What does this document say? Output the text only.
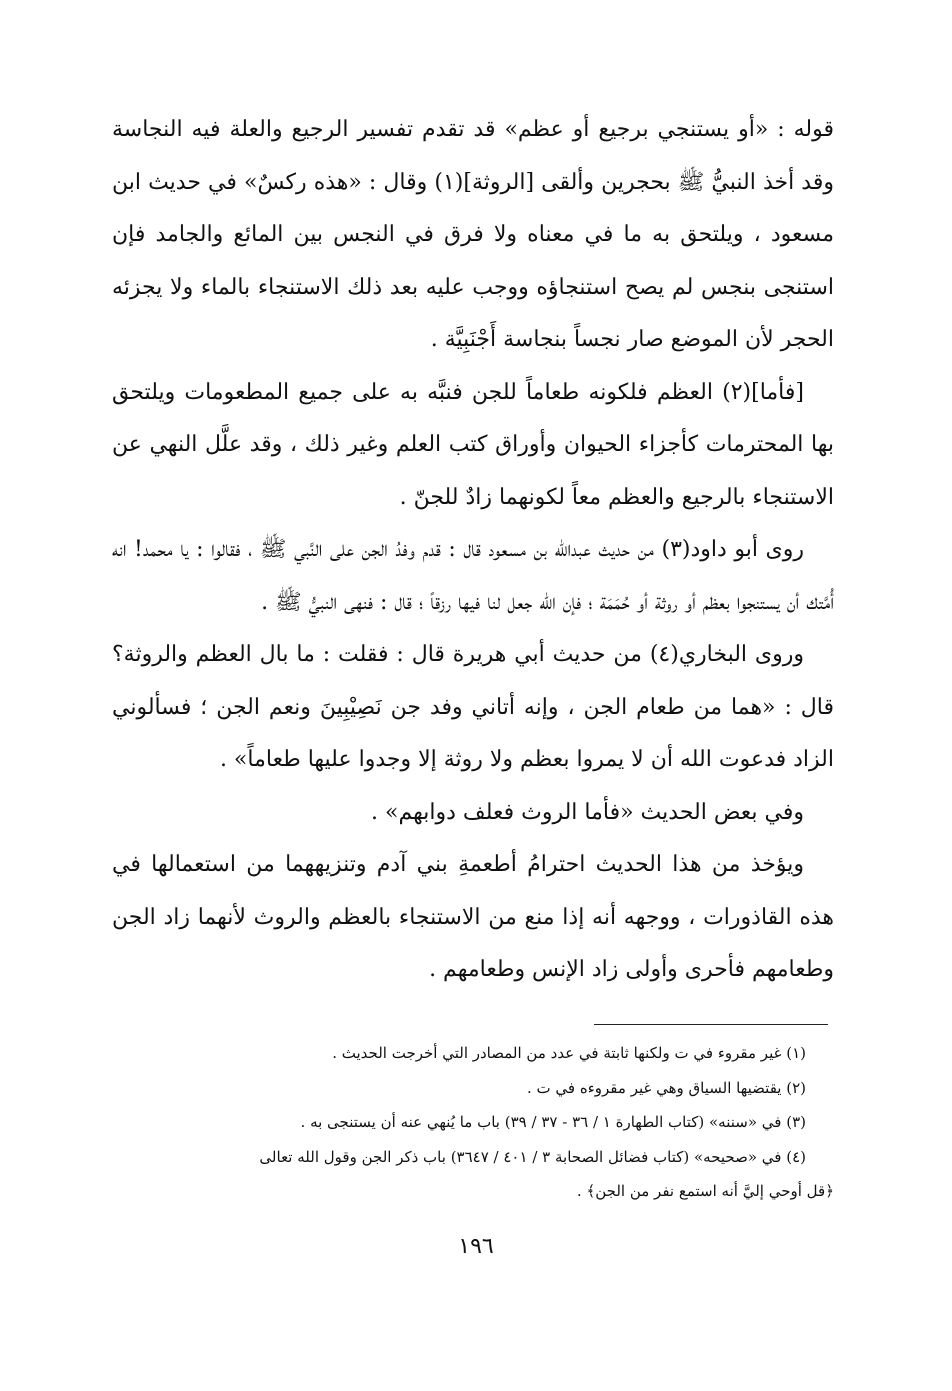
قوله : «أو يستنجي برجيع أو عظم» قد تقدم تفسير الرجيع والعلة فيه النجاسة وقد أخذ النبيُّ ﷺ بحجرين وألقى [الروثة](١) وقال : «هذه ركسٌ» في حديث ابن مسعود ، ويلتحق به ما في معناه ولا فرق في النجس بين المائع والجامد فإن استنجى بنجس لم يصح استنجاؤه ووجب عليه بعد ذلك الاستنجاء بالماء ولا يجزئه الحجر لأن الموضع صار نجساً بنجاسة أَجْنَبِيَّة .

[فأما](٢) العظم فلكونه طعاماً للجن فنبَّه به على جميع المطعومات ويلتحق بها المحترمات كأجزاء الحيوان وأوراق كتب العلم وغير ذلك ، وقد علَّل النهي عن الاستنجاء بالرجيع والعظم معاً لكونهما زادٌ للجنّ .

روى أبو داود(٣) من حديث عبدالله بن مسعود قال : قدم وفدُ الجن على النَّبي ﷺ ، فقالوا : يا محمد! انه أُمَّتك أن يستنجوا بعظم أو روثة أو حُمَمَة ؛ فإن الله جعل لنا فيها رزقاً ؛ قال : فنهى النبيُّ ﷺ .

وروى البخاري(٤) من حديث أبي هريرة قال : فقلت : ما بال العظم والروثة؟ قال : «هما من طعام الجن ، وإنه أتاني وفد جن نَصِيْبِينَ ونعم الجن ؛ فسألوني الزاد فدعوت الله أن لا يمروا بعظم ولا روثة إلا وجدوا عليها طعاماً» .

وفي بعض الحديث «فأما الروث فعلف دوابهم» .

ويؤخذ من هذا الحديث احترامُ أطعمةِ بني آدم وتنزيههما من استعمالها في هذه القاذورات ، ووجهه أنه إذا منع من الاستنجاء بالعظم والروث لأنهما زاد الجن وطعامهم فأحرى وأولى زاد الإنس وطعامهم .

(١) غير مقروء في ت ولكنها ثابتة في عدد من المصادر التي أخرجت الحديث .

(٢) يقتضيها السياق وهي غير مقروءه في ت .

(٣) في «سننه» (كتاب الطهارة ١ / ٣٦ - ٣٧ / ٣٩) باب ما يُنهي عنه أن يستنجى به .

(٤) في «صحيحه» (كتاب فضائل الصحابة ٣ / ٤٠١ / ٣٦٤٧) باب ذكر الجن وقول الله تعالى

﴿قل أوحي إليَّ أنه استمع نفر من الجن﴾ .

١٩٦
